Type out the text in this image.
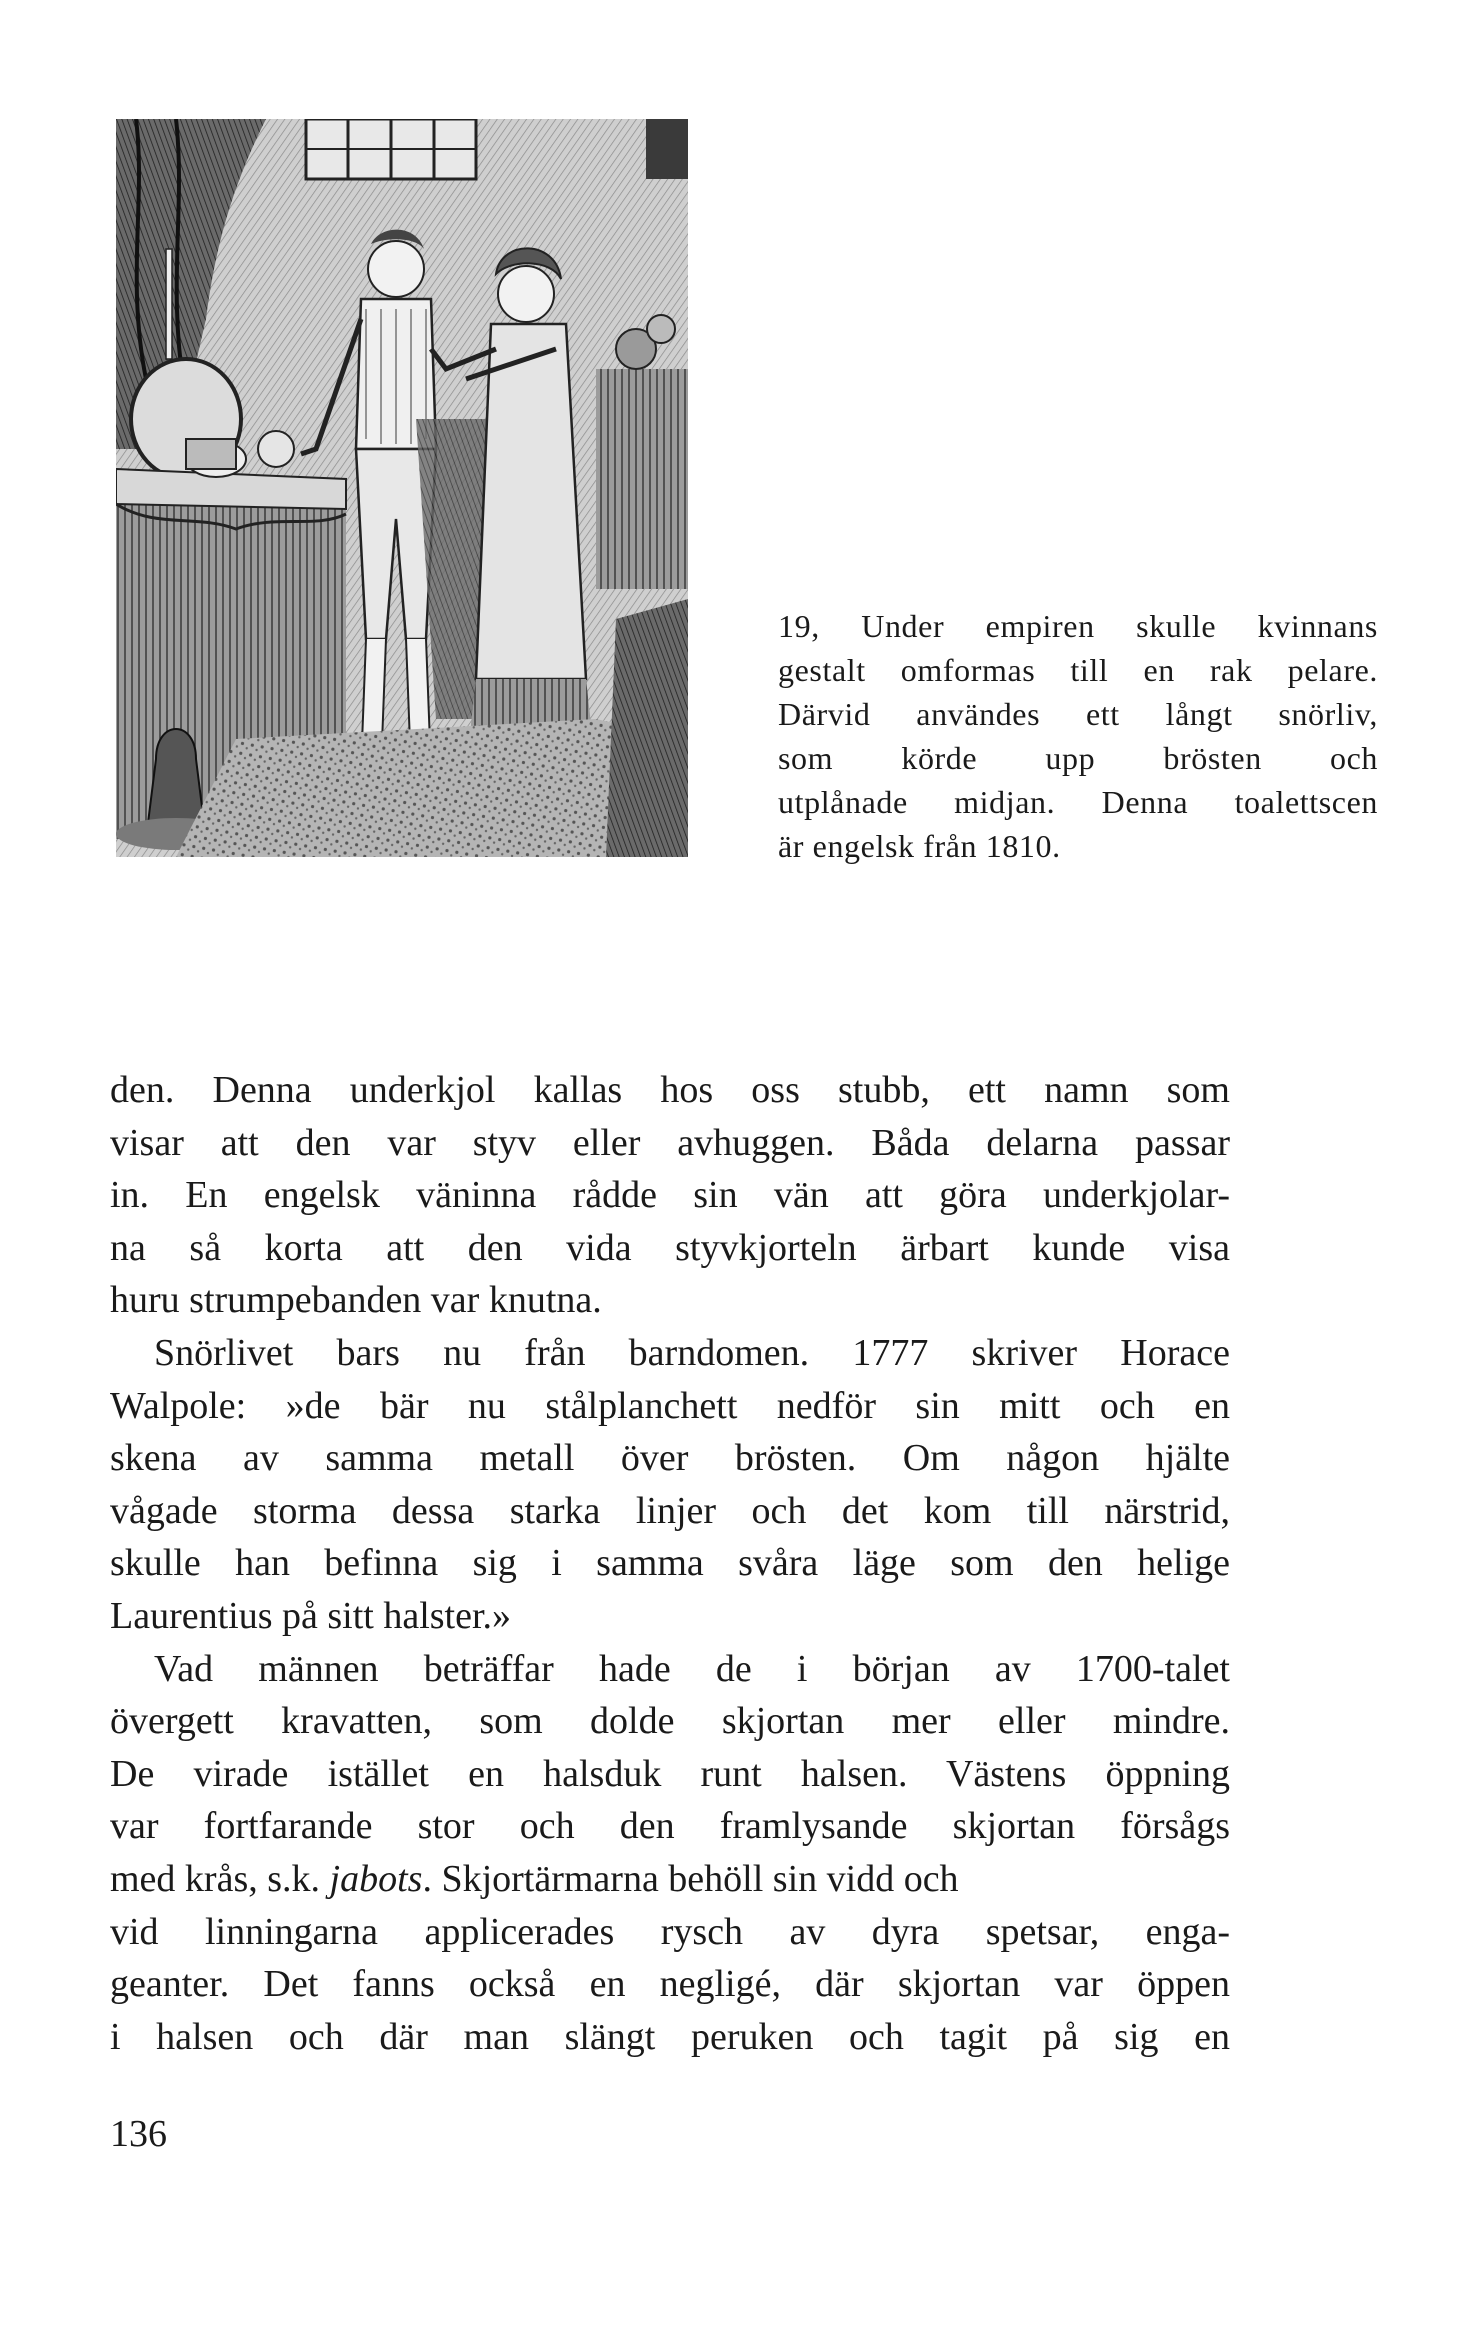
19, Under empiren skulle kvinnans
gestalt omformas till en rak pelare.
Därvid användes ett långt snörliv,
som körde upp brösten och
utplånade midjan. Denna toalettscen
är engelsk från 1810.
den. Denna underkjol kallas hos oss stubb, ett namn som
visar att den var styv eller avhuggen. Båda delarna passar
in. En engelsk väninna rådde sin vän att göra underkjolar-
na så korta att den vida styvkjorteln ärbart kunde visa
huru strumpebanden var knutna.
Snörlivet bars nu från barndomen. 1777 skriver Horace
Walpole: »de bär nu stålplanchett nedför sin mitt och en
skena av samma metall över brösten. Om någon hjälte
vågade storma dessa starka linjer och det kom till närstrid,
skulle han befinna sig i samma svåra läge som den helige
Laurentius på sitt halster.»
Vad männen beträffar hade de i början av 1700-talet
övergett kravatten, som dolde skjortan mer eller mindre.
De virade istället en halsduk runt halsen. Västens öppning
var fortfarande stor och den framlysande skjortan försågs
med krås, s.k. jabots . Skjortärmarna behöll sin vidd och
vid linningarna applicerades rysch av dyra spetsar, enga-
geanter. Det fanns också en negligé, där skjortan var öppen
i halsen och där man slängt peruken och tagit på sig en
136
